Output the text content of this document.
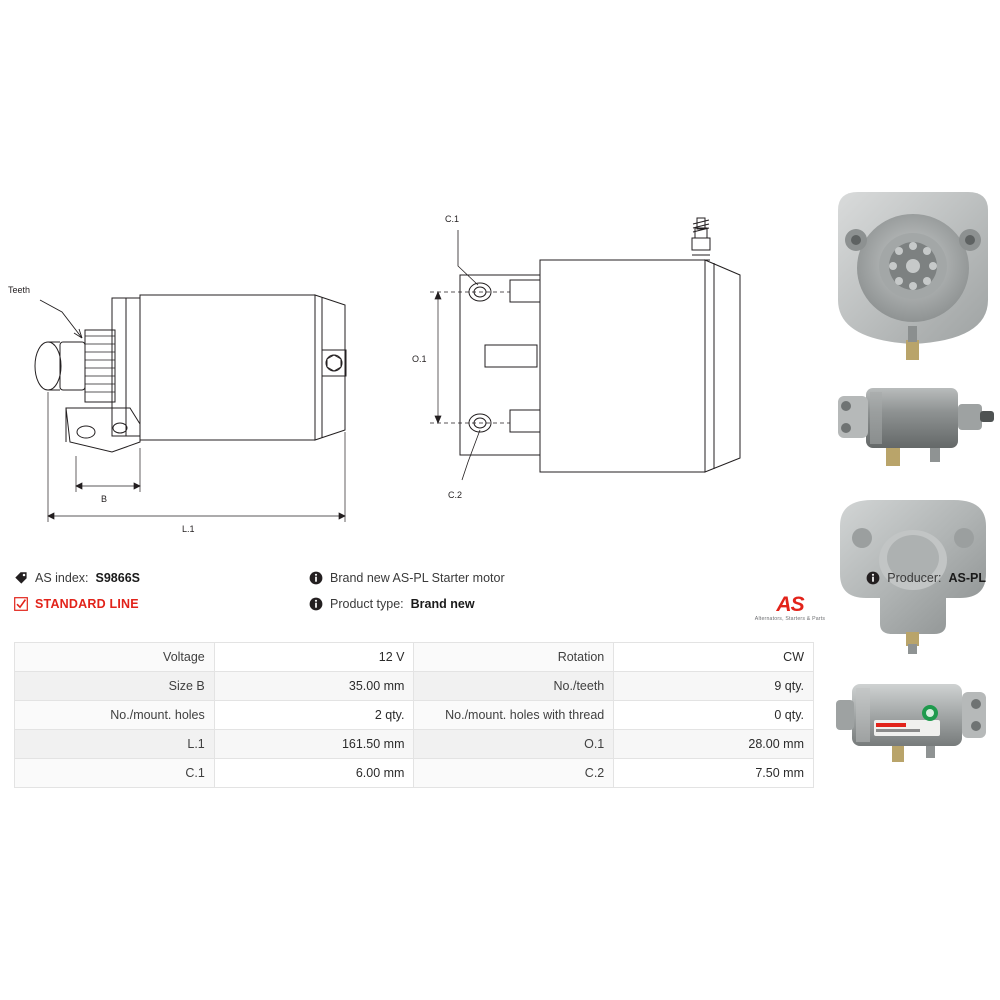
Teeth
B
L.1
C.1
C.2
O.1
AS index: S9866S
STANDARD LINE
Brand new AS-PL Starter motor
Product type: Brand new
Producer: AS-PL
AS
Alternators, Starters & Parts
Voltage	12 V	Rotation	CW
Size B	35.00 mm	No./teeth	9 qty.
No./mount. holes	2 qty.	No./mount. holes with thread	0 qty.
L.1	161.50 mm	O.1	28.00 mm
C.1	6.00 mm	C.2	7.50 mm
